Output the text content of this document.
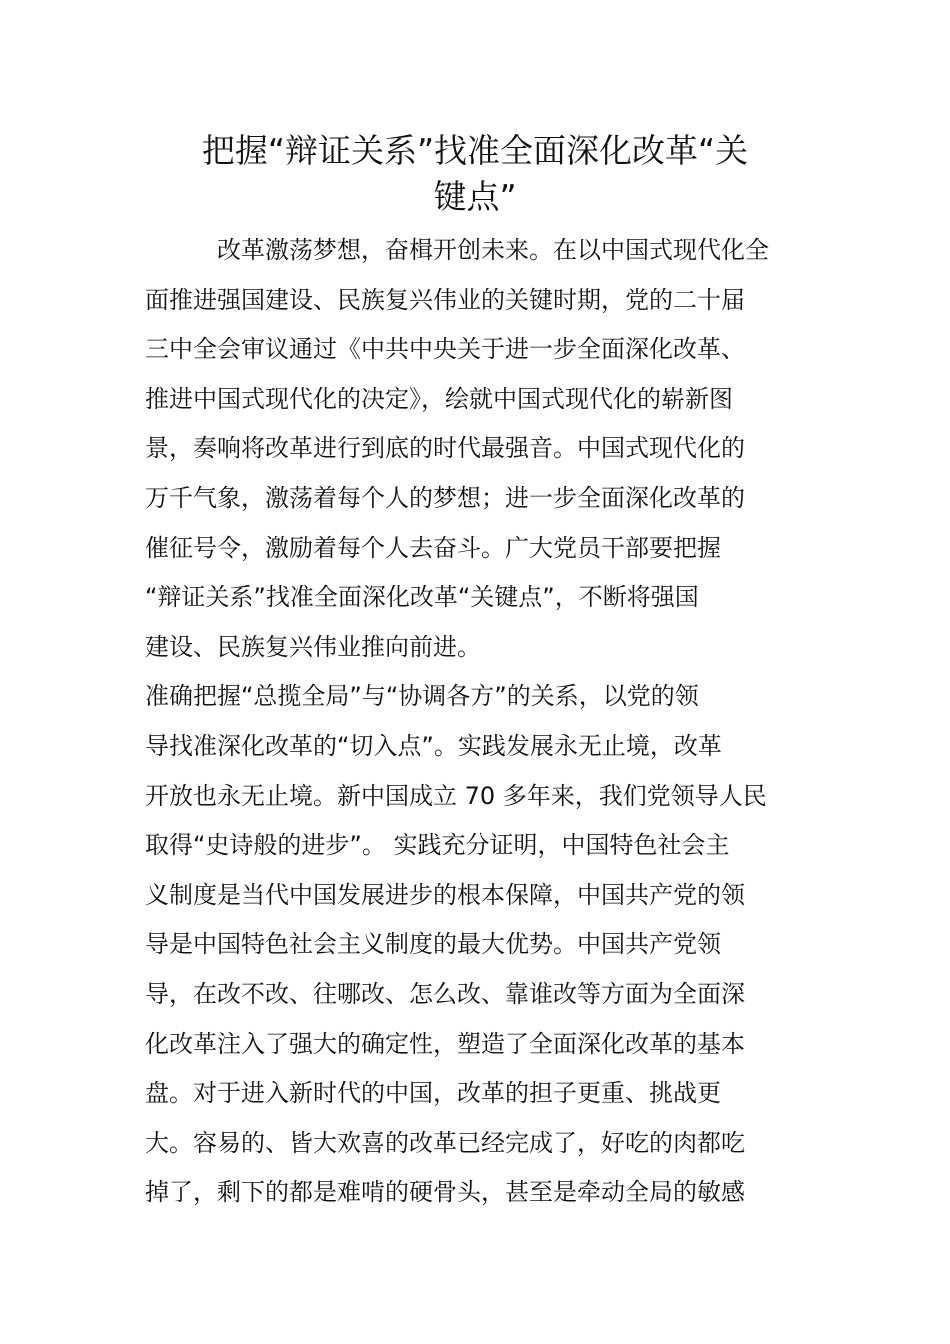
把握“辩证关系”找准全面深化改革“关
键点”
　　　改革激荡梦想，奋楫开创未来。在以中国式现代化全
面推进强国建设、民族复兴伟业的关键时期，党的二十届
三中全会审议通过《中共中央关于进一步全面深化改革、
推进中国式现代化的决定》，绘就中国式现代化的崭新图
景，奏响将改革进行到底的时代最强音。中国式现代化的
万千气象，激荡着每个人的梦想；进一步全面深化改革的
催征号令，激励着每个人去奋斗。广大党员干部要把握
“辩证关系”找准全面深化改革“关键点”，不断将强国
建设、民族复兴伟业推向前进。
准确把握“总揽全局”与“协调各方”的关系，以党的领
导找准深化改革的“切入点”。实践发展永无止境，改革
开放也永无止境。新中国成立 70 多年来，我们党领导人民
取得“史诗般的进步”。 实践充分证明，中国特色社会主
义制度是当代中国发展进步的根本保障，中国共产党的领
导是中国特色社会主义制度的最大优势。中国共产党领
导，在改不改、往哪改、怎么改、靠谁改等方面为全面深
化改革注入了强大的确定性，塑造了全面深化改革的基本
盘。对于进入新时代的中国，改革的担子更重、挑战更
大。容易的、皆大欢喜的改革已经完成了，好吃的肉都吃
掉了，剩下的都是难啃的硬骨头，甚至是牵动全局的敏感
